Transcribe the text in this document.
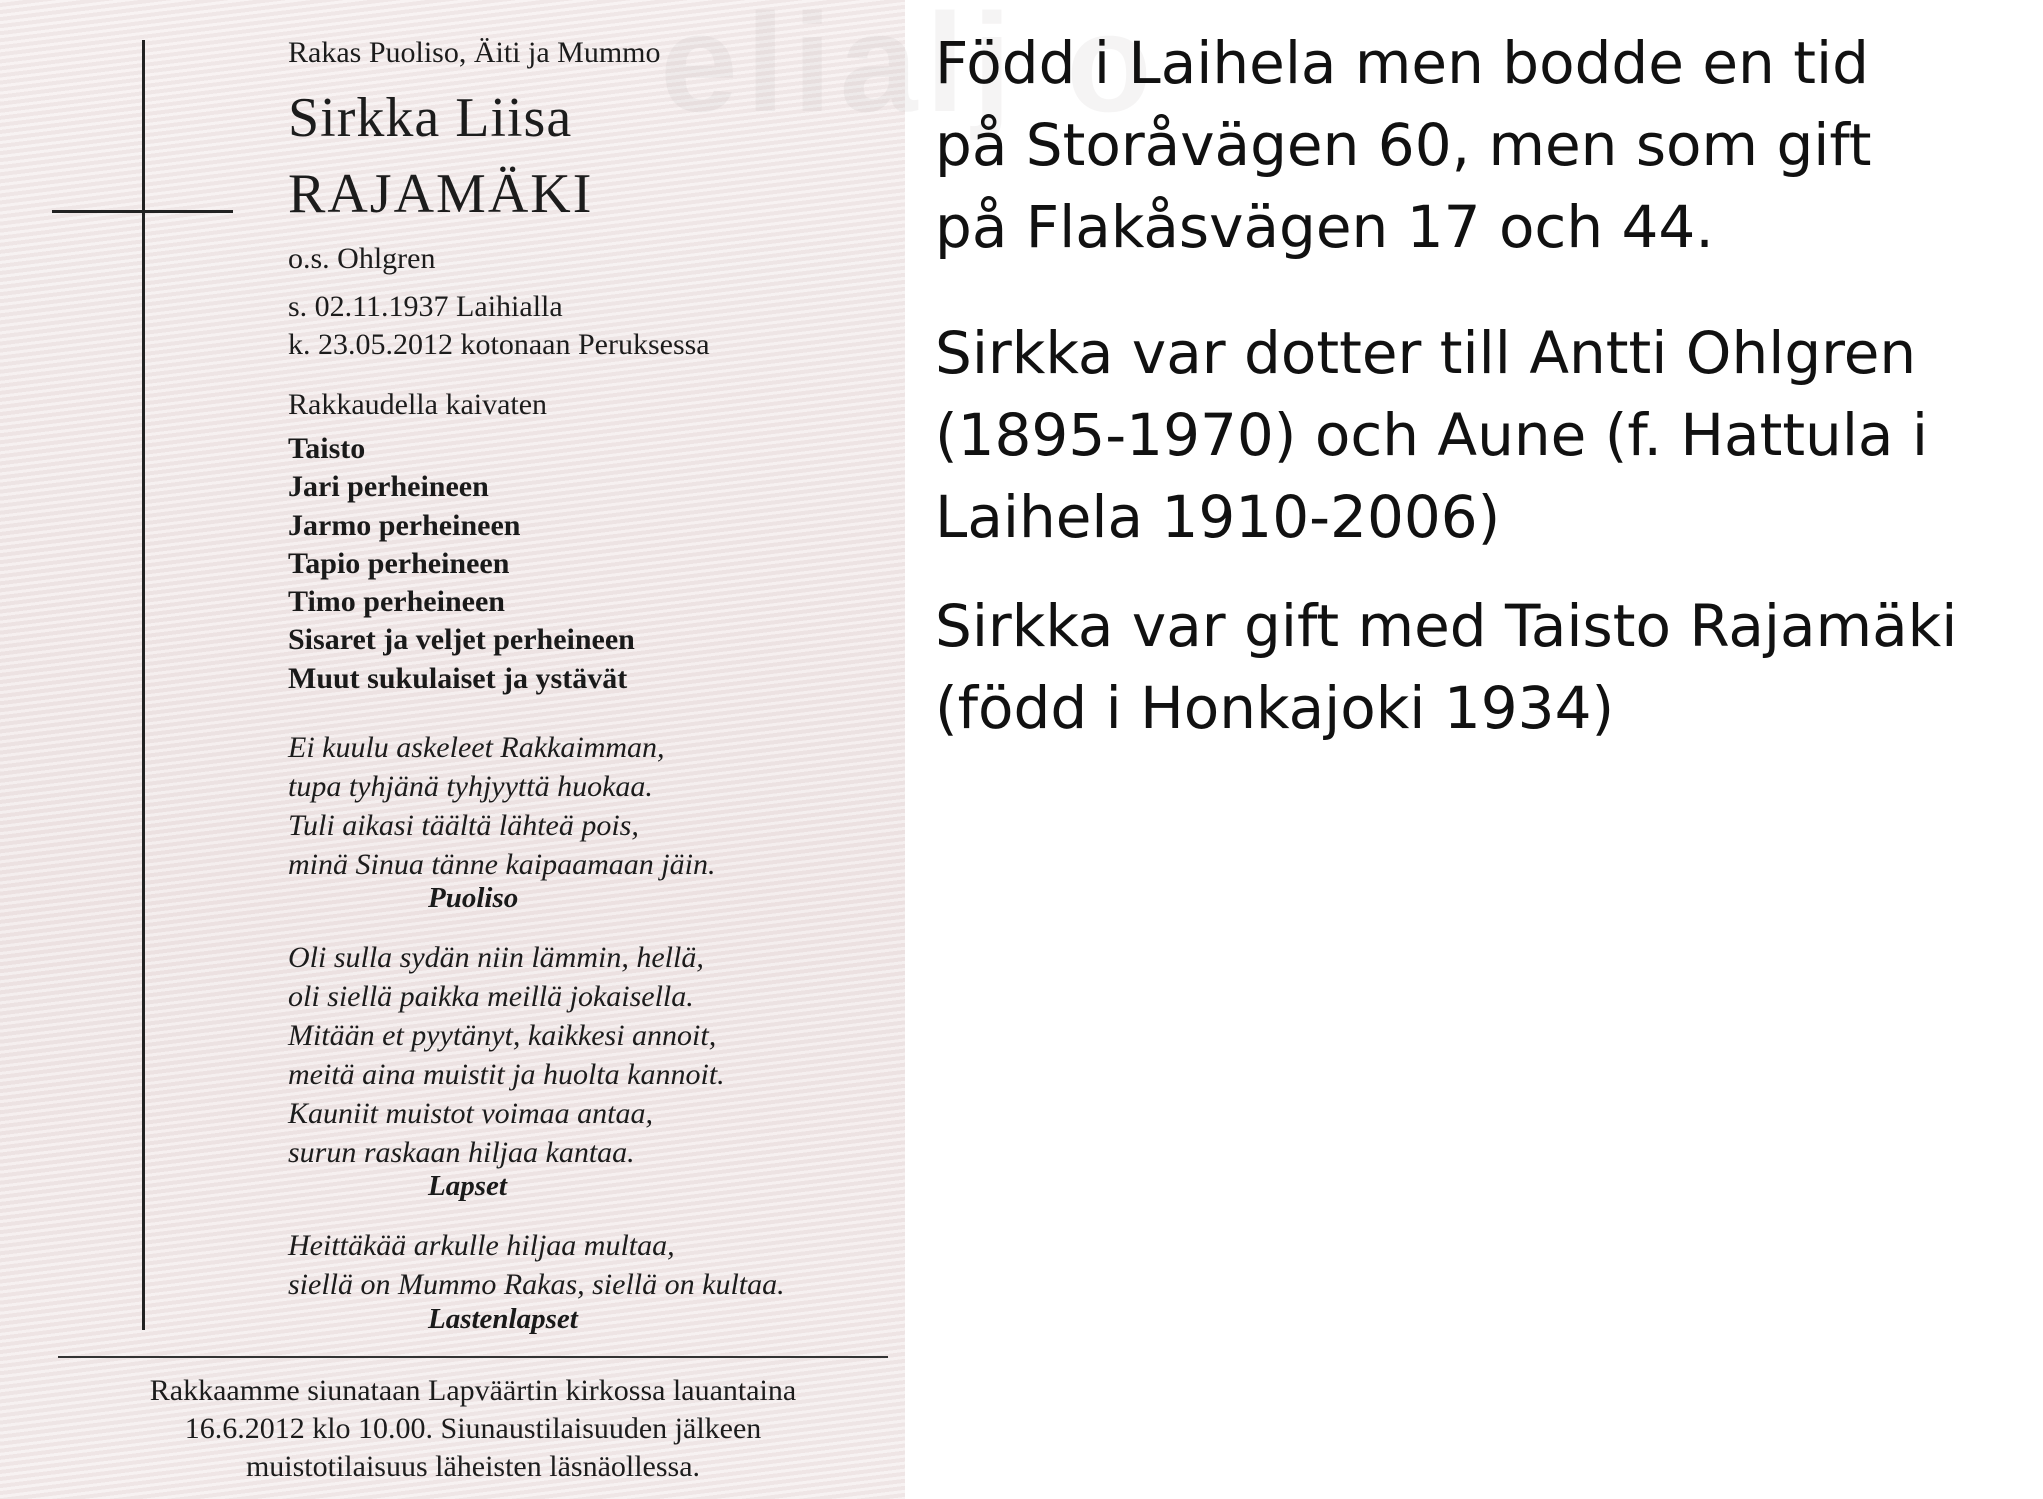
elialj o
Rakas Puoliso, Äiti ja Mummo
Sirkka Liisa
RAJAMÄKI
o.s. Ohlgren
s. 02.11.1937 Laihialla
k. 23.05.2012 kotonaan Peruksessa
Rakkaudella kaivaten
Taisto
Jari perheineen
Jarmo perheineen
Tapio perheineen
Timo perheineen
Sisaret ja veljet perheineen
Muut sukulaiset ja ystävät
Ei kuulu askeleet Rakkaimman,
tupa tyhjänä tyhjyyttä huokaa.
Tuli aikasi täältä lähteä pois,
minä Sinua tänne kaipaamaan jäin.
Puoliso
Oli sulla sydän niin lämmin, hellä,
oli siellä paikka meillä jokaisella.
Mitään et pyytänyt, kaikkesi annoit,
meitä aina muistit ja huolta kannoit.
Kauniit muistot voimaa antaa,
surun raskaan hiljaa kantaa.
Lapset
Heittäkää arkulle hiljaa multaa,
siellä on Mummo Rakas, siellä on kultaa.
Lastenlapset
Rakkaamme siunataan Lapväärtin kirkossa lauantaina
16.6.2012 klo 10.00. Siunaustilaisuuden jälkeen
muistotilaisuus läheisten läsnäollessa.
Född i Laihela men bodde en tid
på Storåvägen 60, men som gift
på Flakåsvägen 17 och 44.
Sirkka var dotter till Antti Ohlgren
(1895-1970) och Aune (f. Hattula i
Laihela 1910-2006)
Sirkka var gift med Taisto Rajamäki
(född i Honkajoki 1934)
